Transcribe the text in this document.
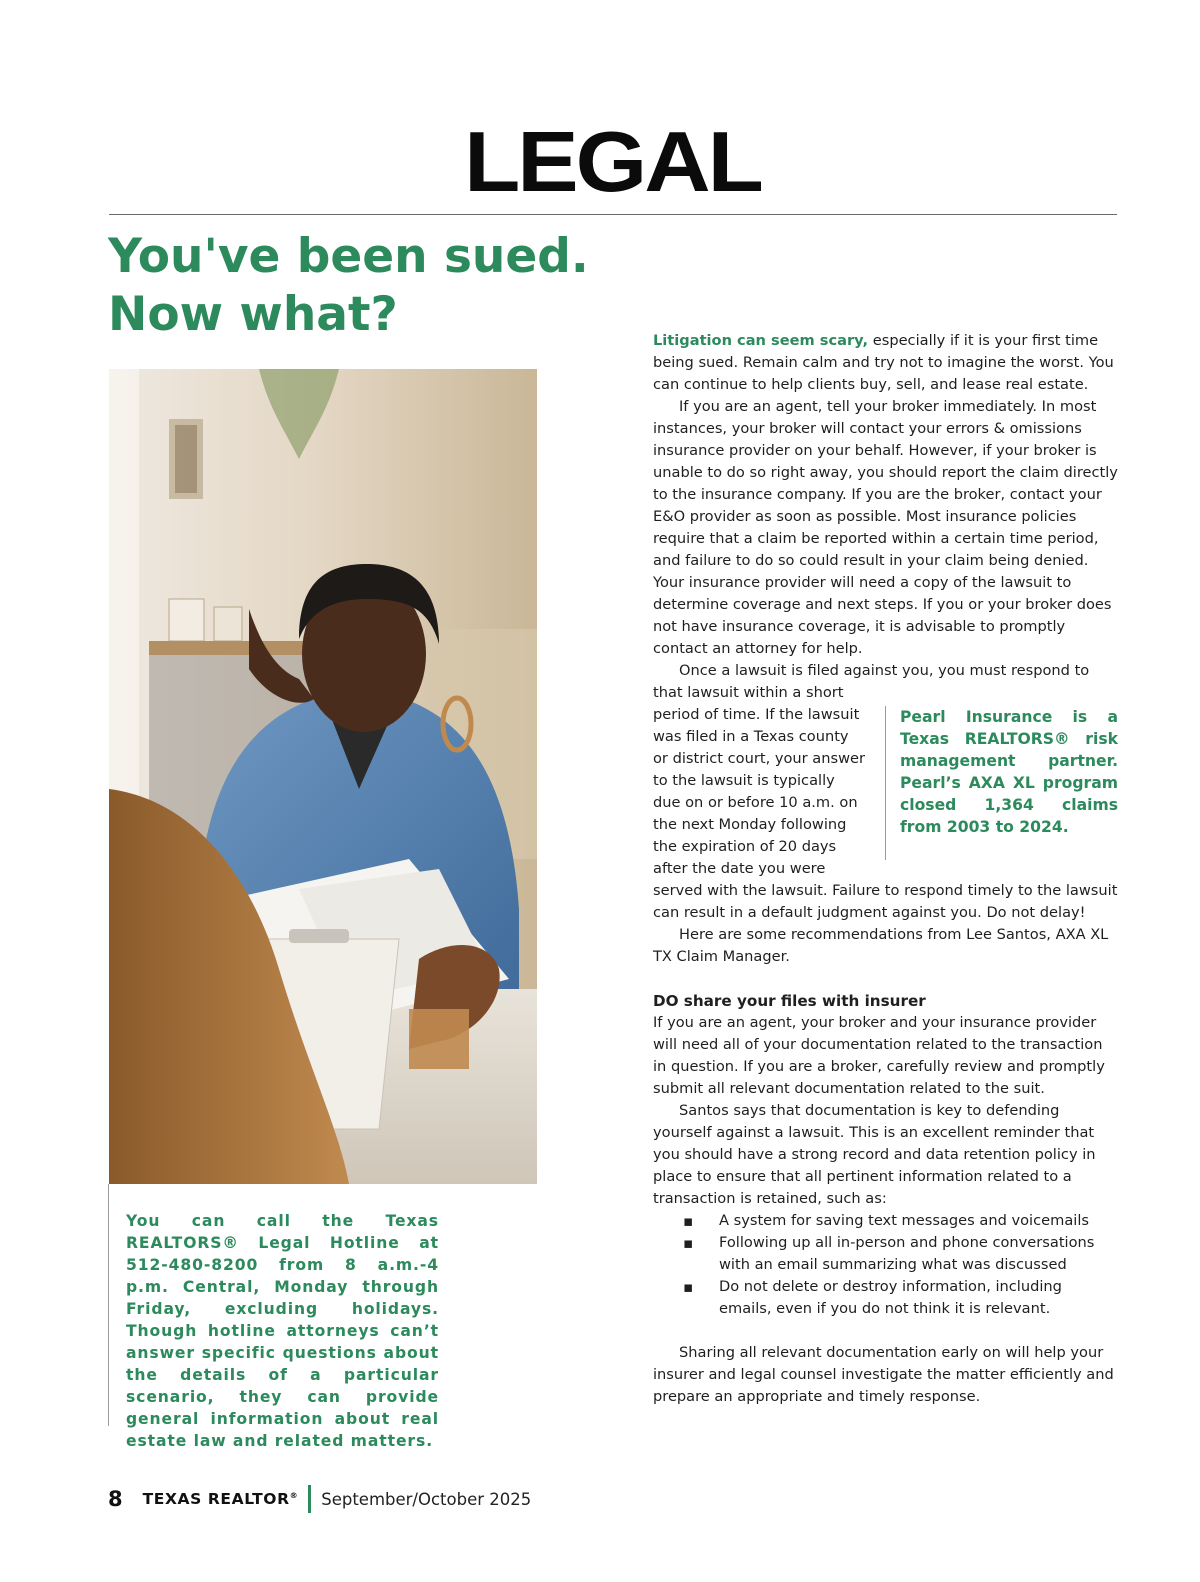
LEGAL
You've been sued.
Now what?

You can call the Texas REALTORS® Legal Hotline at 512-480-8200 from 8 a.m.-4 p.m. Central, Monday through Friday, excluding holidays. Though hotline attorneys can’t answer specific questions about the details of a particular scenario, they can provide general information about real estate law and related matters.

Litigation can seem scary, especially if it is your first time being sued. Remain calm and try not to imagine the worst. You can continue to help clients buy, sell, and lease real estate.

If you are an agent, tell your broker immediately. In most instances, your broker will contact your errors & omissions insurance provider on your behalf. However, if your broker is unable to do so right away, you should report the claim directly to the insurance company. If you are the broker, contact your E&O provider as soon as possible. Most insurance policies require that a claim be reported within a certain time period, and failure to do so could result in your claim being denied. Your insurance provider will need a copy of the lawsuit to determine coverage and next steps. If you or your broker does not have insurance coverage, it is advisable to promptly contact an attorney for help.

Once a lawsuit is filed against you, you must respond to

Pearl Insurance is a Texas REALTORS® risk management partner. Pearl’s AXA XL program closed 1,364 claims from 2003 to 2024.

that lawsuit within a short period of time. If the lawsuit was filed in a Texas county or district court, your answer to the lawsuit is typically due on or before 10 a.m. on the next Monday following the expiration of 20 days after the date you were served with the lawsuit. Failure to respond timely to the lawsuit can result in a default judgment against you. Do not delay!

Here are some recommendations from Lee Santos, AXA XL TX Claim Manager.

DO share your files with insurer

If you are an agent, your broker and your insurance provider will need all of your documentation related to the transaction in question. If you are a broker, carefully review and promptly submit all relevant documentation related to the suit.

Santos says that documentation is key to defending yourself against a lawsuit. This is an excellent reminder that you should have a strong record and data retention policy in place to ensure that all pertinent information related to a transaction is retained, such as:

▪ A system for saving text messages and voicemails
▪ Following up all in-person and phone conversations with an email summarizing what was discussed
▪ Do not delete or destroy information, including emails, even if you do not think it is relevant.

Sharing all relevant documentation early on will help your insurer and legal counsel investigate the matter efficiently and prepare an appropriate and timely response.

8 TEXAS REALTOR® September/October 2025
